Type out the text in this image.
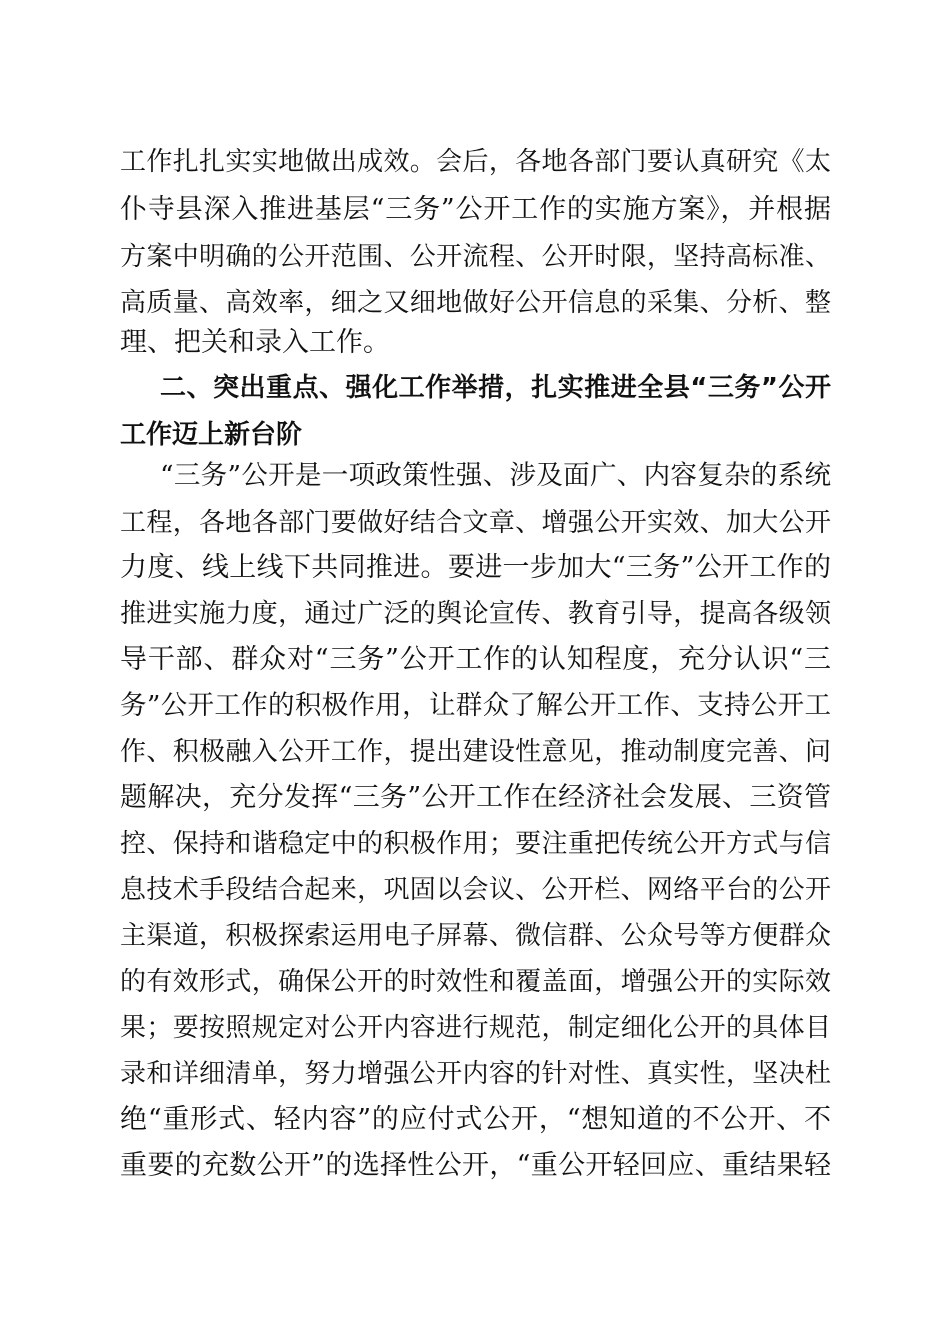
工作扎扎实实地做出成效。会后，各地各部门要认真研究《太
仆寺县深入推进基层“三务”公开工作的实施方案》，并根据
方案中明确的公开范围、公开流程、公开时限，坚持高标准、
高质量、高效率，细之又细地做好公开信息的采集、分析、整
理、把关和录入工作。
二、突出重点、强化工作举措，扎实推进全县“三务”公开
工作迈上新台阶
“三务”公开是一项政策性强、涉及面广、内容复杂的系统
工程，各地各部门要做好结合文章、增强公开实效、加大公开
力度、线上线下共同推进。要进一步加大“三务”公开工作的
推进实施力度，通过广泛的舆论宣传、教育引导，提高各级领
导干部、群众对“三务”公开工作的认知程度，充分认识“三
务”公开工作的积极作用，让群众了解公开工作、支持公开工
作、积极融入公开工作，提出建设性意见，推动制度完善、问
题解决，充分发挥“三务”公开工作在经济社会发展、三资管
控、保持和谐稳定中的积极作用；要注重把传统公开方式与信
息技术手段结合起来，巩固以会议、公开栏、网络平台的公开
主渠道，积极探索运用电子屏幕、微信群、公众号等方便群众
的有效形式，确保公开的时效性和覆盖面，增强公开的实际效
果；要按照规定对公开内容进行规范，制定细化公开的具体目
录和详细清单，努力增强公开内容的针对性、真实性，坚决杜
绝“重形式、轻内容”的应付式公开，“想知道的不公开、不
重要的充数公开”的选择性公开，“重公开轻回应、重结果轻
